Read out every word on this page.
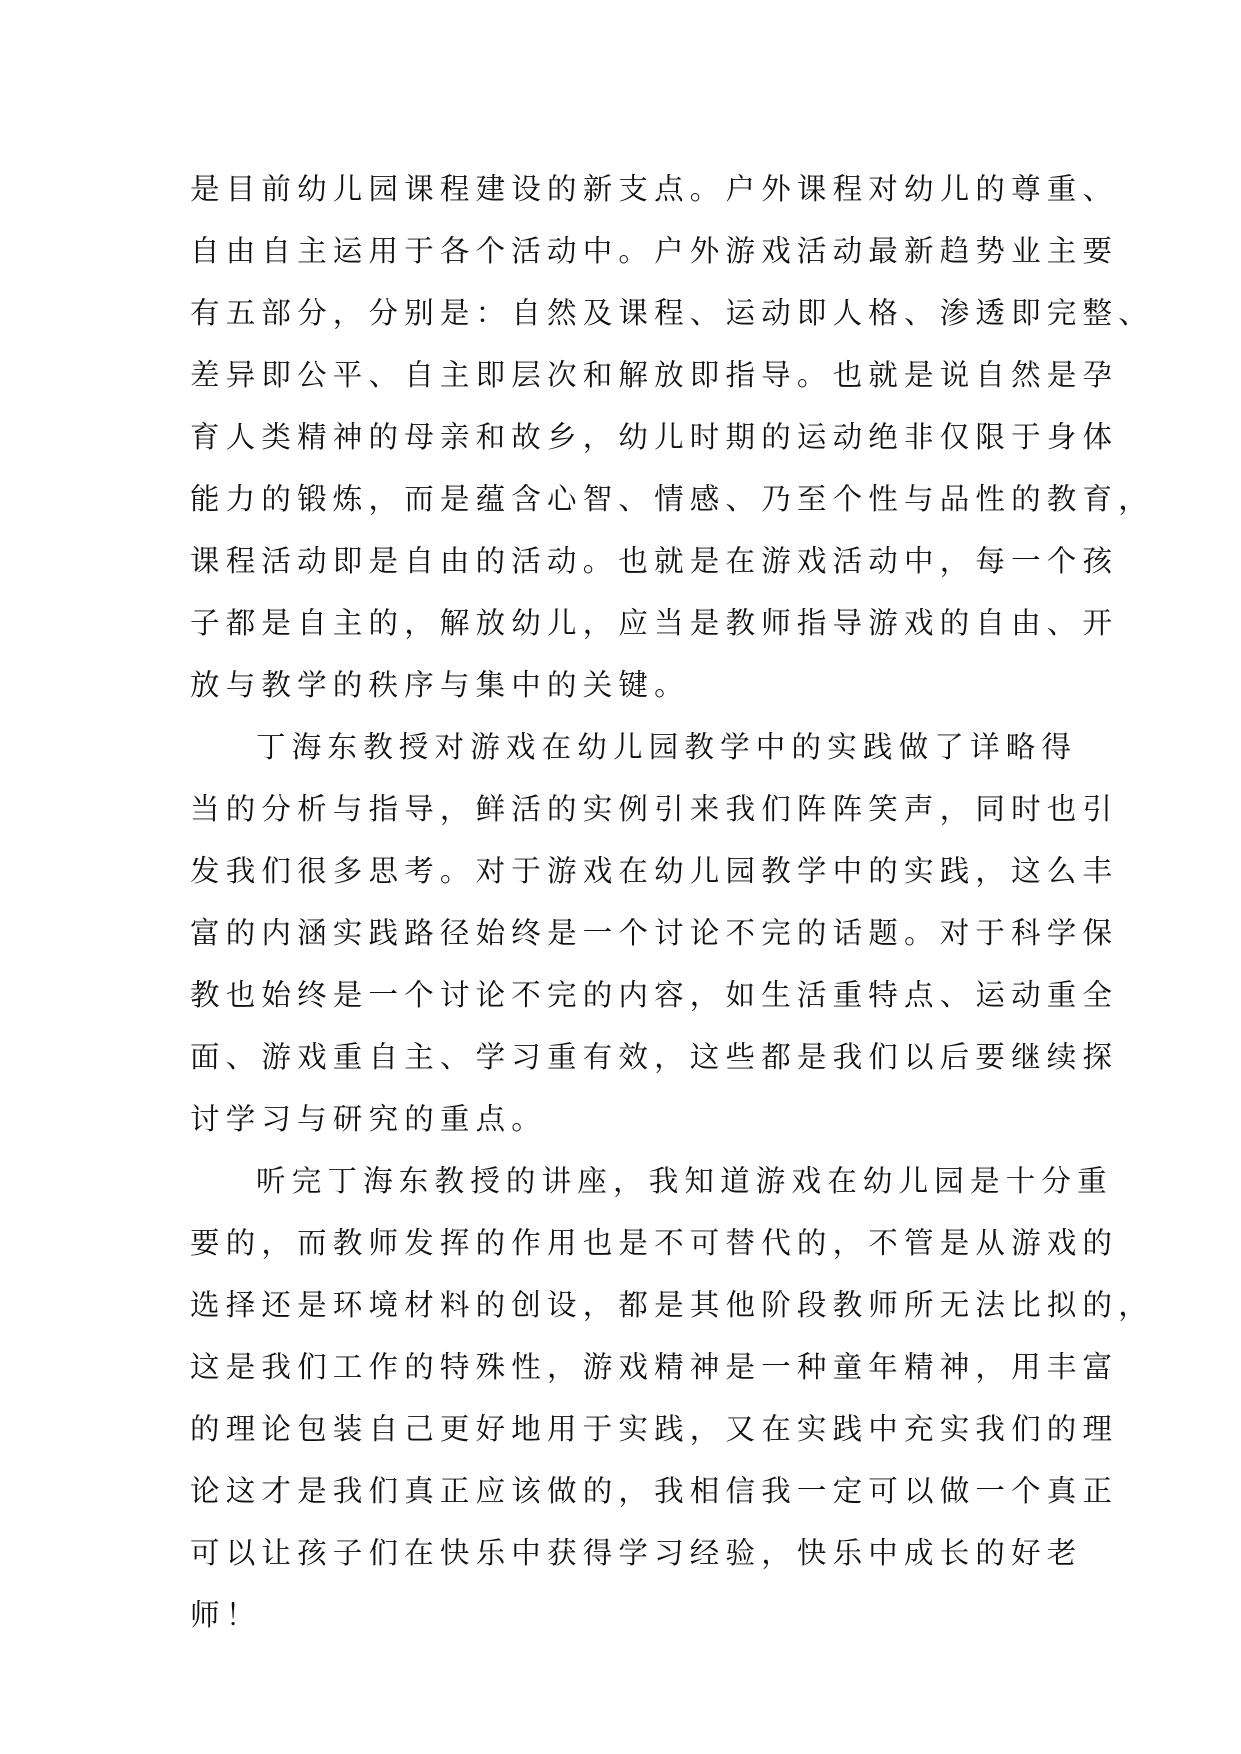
是目前幼儿园课程建设的新支点。户外课程对幼儿的尊重、
自由自主运用于各个活动中。户外游戏活动最新趋势业主要
有五部分，分别是：自然及课程、运动即人格、渗透即完整、
差异即公平、自主即层次和解放即指导。也就是说自然是孕
育人类精神的母亲和故乡，幼儿时期的运动绝非仅限于身体
能力的锻炼，而是蕴含心智、情感、乃至个性与品性的教育，
课程活动即是自由的活动。也就是在游戏活动中，每一个孩
子都是自主的，解放幼儿，应当是教师指导游戏的自由、开
放与教学的秩序与集中的关键。
丁海东教授对游戏在幼儿园教学中的实践做了详略得
当的分析与指导，鲜活的实例引来我们阵阵笑声，同时也引
发我们很多思考。对于游戏在幼儿园教学中的实践，这么丰
富的内涵实践路径始终是一个讨论不完的话题。对于科学保
教也始终是一个讨论不完的内容，如生活重特点、运动重全
面、游戏重自主、学习重有效，这些都是我们以后要继续探
讨学习与研究的重点。
听完丁海东教授的讲座，我知道游戏在幼儿园是十分重
要的，而教师发挥的作用也是不可替代的，不管是从游戏的
选择还是环境材料的创设，都是其他阶段教师所无法比拟的，
这是我们工作的特殊性，游戏精神是一种童年精神，用丰富
的理论包装自己更好地用于实践，又在实践中充实我们的理
论这才是我们真正应该做的，我相信我一定可以做一个真正
可以让孩子们在快乐中获得学习经验，快乐中成长的好老
师！
